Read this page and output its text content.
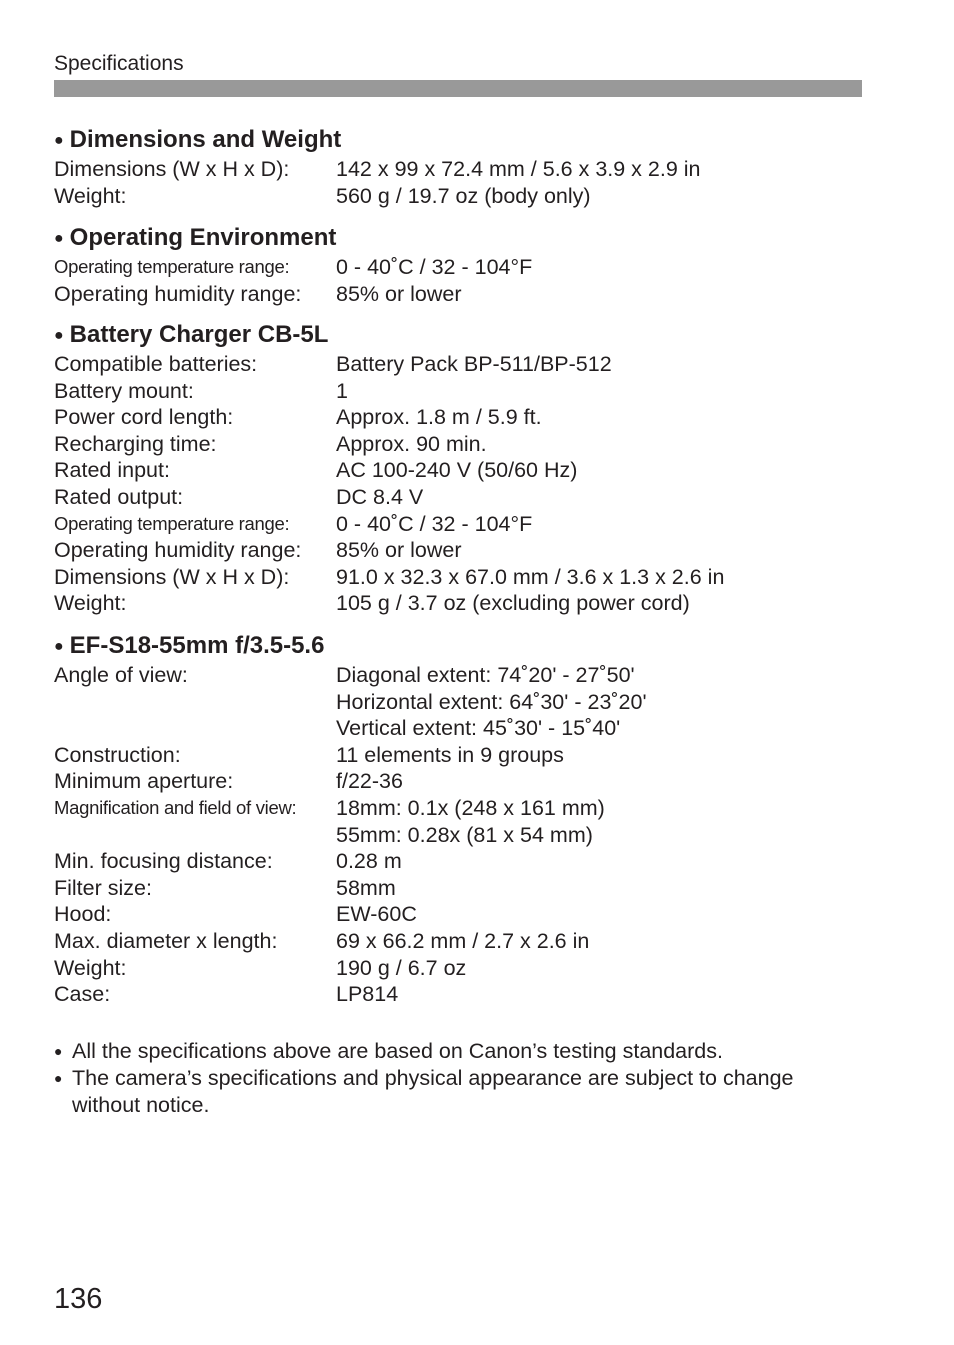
Specifications
● Dimensions and Weight
Dimensions (W x H x D): 142 x 99 x 72.4 mm / 5.6 x 3.9 x 2.9 in
Weight:	560 g / 19.7 oz (body only)
● Operating Environment
Operating temperature range: 0 - 40˚C / 32 - 104°F
Operating humidity range: 85% or lower
● Battery Charger CB-5L
Compatible batteries:	Battery Pack BP-511/BP-512
Battery mount:	1
Power cord length:	Approx. 1.8 m / 5.9 ft.
Recharging time:	Approx. 90 min.
Rated input:	AC 100-240 V (50/60 Hz)
Rated output:	DC 8.4 V
Operating temperature range: 0 - 40˚C / 32 - 104°F
Operating humidity range: 85% or lower
Dimensions (W x H x D): 91.0 x 32.3 x 67.0 mm / 3.6 x 1.3 x 2.6 in
Weight:	105 g / 3.7 oz (excluding power cord)
● EF-S18-55mm f/3.5-5.6
Angle of view:	Diagonal extent: 74˚20' - 27˚50'
Horizontal extent: 64˚30' - 23˚20'
Vertical extent: 45˚30' - 15˚40'
Construction:	11 elements in 9 groups
Minimum aperture:	f/22-36
Magnification and field of view: 18mm: 0.1x (248 x 161 mm)
55mm: 0.28x (81 x 54 mm)
Min. focusing distance:	0.28 m
Filter size:	58mm
Hood:	EW-60C
Max. diameter x length:	69 x 66.2 mm / 2.7 x 2.6 in
Weight:	190 g / 6.7 oz
Case:	LP814
● All the specifications above are based on Canon’s testing standards.
● The camera’s specifications and physical appearance are subject to change without notice.
136
